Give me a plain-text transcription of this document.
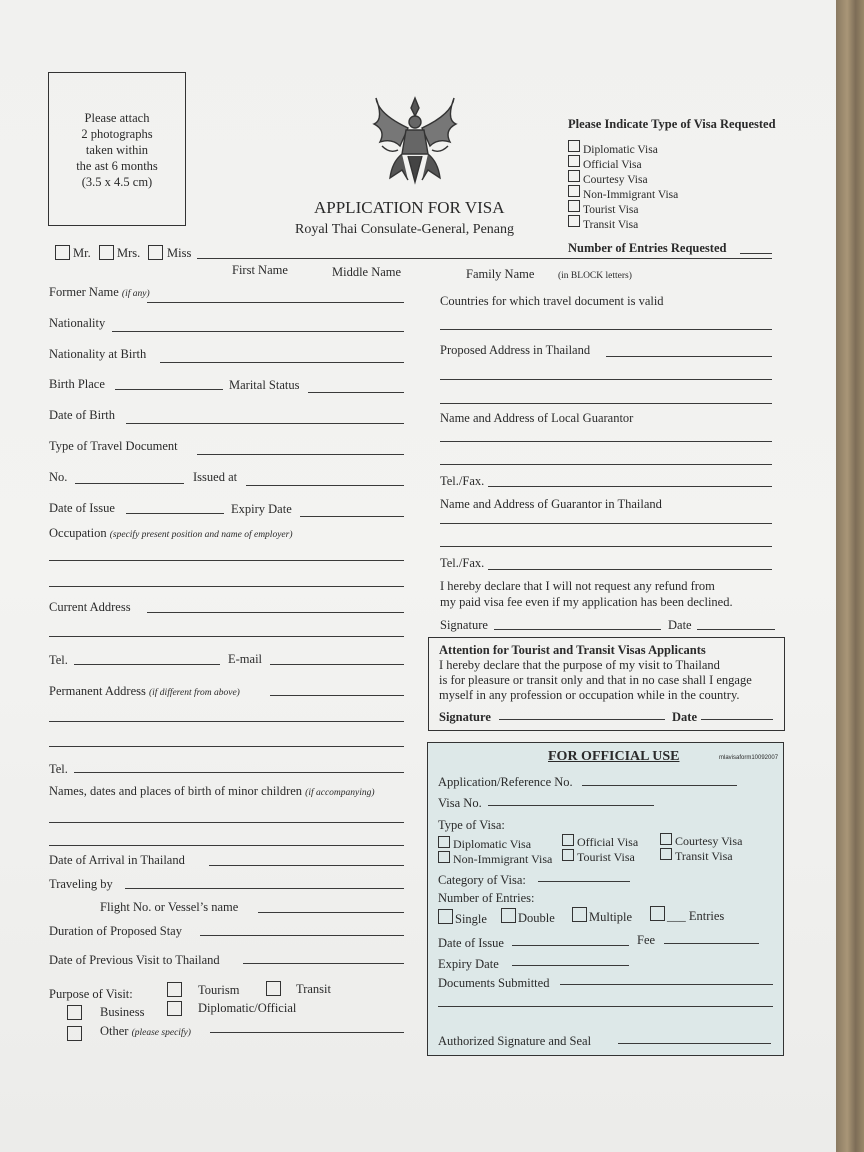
Please attach
2 photographs
taken within
the ast 6 months
(3.5 x 4.5 cm)
APPLICATION FOR VISA
Royal Thai Consulate-General, Penang
Please Indicate Type of Visa Requested
Diplomatic Visa
Official Visa
Courtesy Visa
Non-Immigrant Visa
Tourist Visa
Transit Visa
Number of Entries Requested
Mr. Mrs. Miss
First Name	Middle Name	Family Name (in BLOCK letters)
Former Name (if any)
Nationality
Nationality at Birth
Birth Place	Marital Status
Date of Birth
Type of Travel Document
No.	Issued at
Date of Issue	Expiry Date
Occupation (specify present position and name of employer)
Current Address
Tel.	E-mail
Permanent Address (if different from above)
Tel.
Names, dates and places of birth of minor children (if accompanying)
Date of Arrival in Thailand
Traveling by
Flight No. or Vessel’s name
Duration of Proposed Stay
Date of Previous Visit to Thailand
Purpose of Visit:	Tourism	Transit
Business	Diplomatic/Official
Other (please specify)
Countries for which travel document is valid
Proposed Address in Thailand
Name and Address of Local Guarantor
Tel./Fax.
Name and Address of Guarantor in Thailand
Tel./Fax.
I hereby declare that I will not request any refund from
my paid visa fee even if my application has been declined.
Signature	Date
Attention for Tourist and Transit Visas Applicants
I hereby declare that the purpose of my visit to Thailand
is for pleasure or transit only and that in no case shall I engage
myself in any profession or occupation while in the country.
Signature	Date
FOR OFFICIAL USE	mlavisaform10092007
Application/Reference No.
Visa No.
Type of Visa:
Diplomatic Visa	Official Visa	Courtesy Visa
Non-Immigrant Visa Tourist Visa	Transit Visa
Category of Visa:
Number of Entries:
Single Double	Multiple	___ Entries
Date of Issue	Fee
Expiry Date
Documents Submitted
Authorized Signature and Seal
